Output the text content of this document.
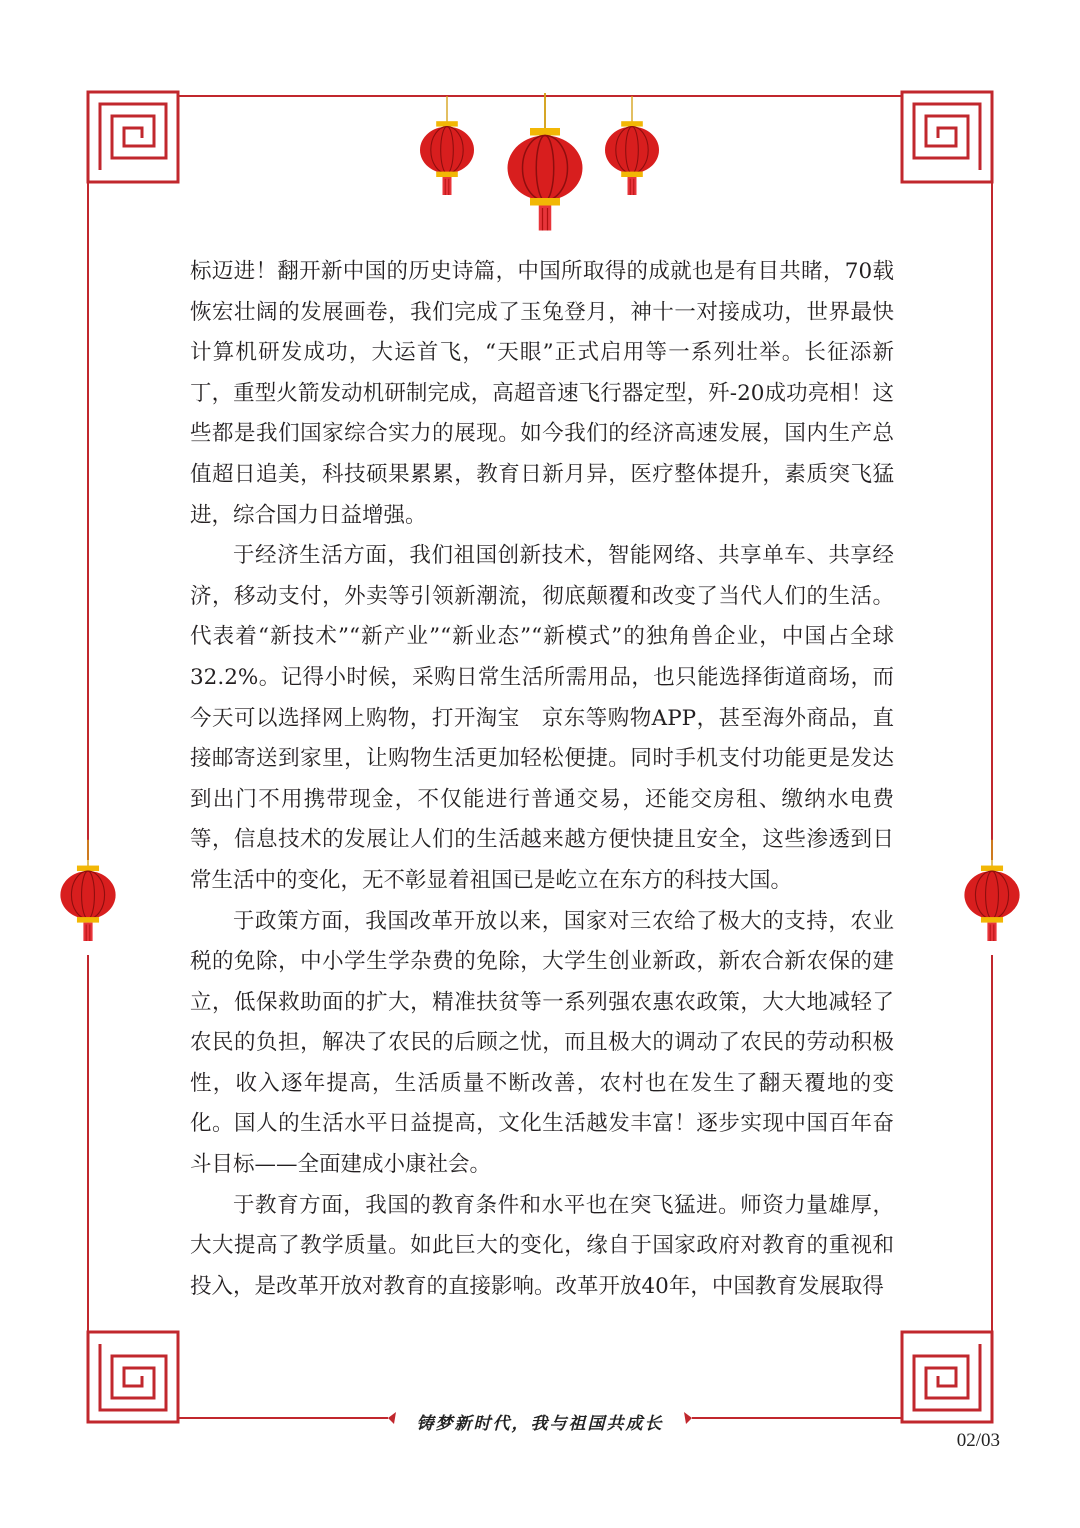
标迈进！翻开新中国的历史诗篇，中国所取得的成就也是有目共睹，70载恢宏壮阔的发展画卷，我们完成了玉兔登月，神十一对接成功，世界最快计算机研发成功，大运首飞，“天眼”正式启用等一系列壮举。长征添新丁，重型火箭发动机研制完成，高超音速飞行器定型，歼-20成功亮相！这些都是我们国家综合实力的展现。如今我们的经济高速发展，国内生产总值超日追美，科技硕果累累，教育日新月异，医疗整体提升，素质突飞猛进，综合国力日益增强。

于经济生活方面，我们祖国创新技术，智能网络、共享单车、共享经济，移动支付，外卖等引领新潮流，彻底颠覆和改变了当代人们的生活。代表着“新技术”“新产业”“新业态”“新模式”的独角兽企业，中国占全球32.2%。记得小时候，采购日常生活所需用品，也只能选择街道商场，而今天可以选择网上购物，打开淘宝　京东等购物APP，甚至海外商品，直接邮寄送到家里，让购物生活更加轻松便捷。同时手机支付功能更是发达到出门不用携带现金，不仅能进行普通交易，还能交房租、缴纳水电费等，信息技术的发展让人们的生活越来越方便快捷且安全，这些渗透到日常生活中的变化，无不彰显着祖国已是屹立在东方的科技大国。

于政策方面，我国改革开放以来，国家对三农给了极大的支持，农业税的免除，中小学生学杂费的免除，大学生创业新政，新农合新农保的建立，低保救助面的扩大，精准扶贫等一系列强农惠农政策，大大地减轻了农民的负担，解决了农民的后顾之忧，而且极大的调动了农民的劳动积极性，收入逐年提高，生活质量不断改善，农村也在发生了翻天覆地的变化。国人的生活水平日益提高，文化生活越发丰富！逐步实现中国百年奋斗目标——全面建成小康社会。

于教育方面，我国的教育条件和水平也在突飞猛进。师资力量雄厚，大大提高了教学质量。如此巨大的变化，缘自于国家政府对教育的重视和投入，是改革开放对教育的直接影响。改革开放40年，中国教育发展取得

铸梦新时代，我与祖国共成长
02/03
